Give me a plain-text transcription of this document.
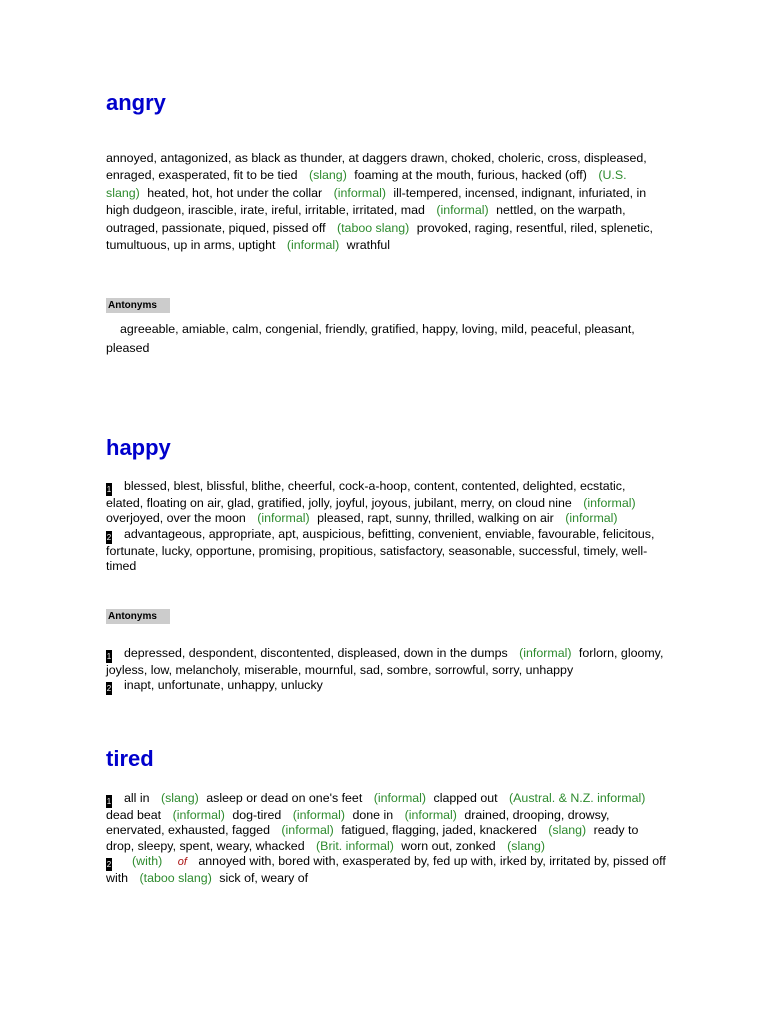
angry

annoyed, antagonized, as black as thunder, at daggers drawn, choked, choleric, cross, displeased, enraged, exasperated, fit to be tied (slang) foaming at the mouth, furious, hacked (off) (U.S. slang) heated, hot, hot under the collar (informal) ill-tempered, incensed, indignant, infuriated, in high dudgeon, irascible, irate, ireful, irritable, irritated, mad (informal) nettled, on the warpath, outraged, passionate, piqued, pissed off (taboo slang) provoked, raging, resentful, riled, splenetic, tumultuous, up in arms, uptight (informal) wrathful

Antonyms

agreeable, amiable, calm, congenial, friendly, gratified, happy, loving, mild, peaceful, pleasant, pleased

happy
1 blessed, blest, blissful, blithe, cheerful, cock-a-hoop, content, contented, delighted, ecstatic, elated, floating on air, glad, gratified, jolly, joyful, joyous, jubilant, merry, on cloud nine (informal) overjoyed, over the moon (informal) pleased, rapt, sunny, thrilled, walking on air (informal)
2 advantageous, appropriate, apt, auspicious, befitting, convenient, enviable, favourable, felicitous, fortunate, lucky, opportune, promising, propitious, satisfactory, seasonable, successful, timely, well-timed
Antonyms
1 depressed, despondent, discontented, displeased, down in the dumps (informal) forlorn, gloomy, joyless, low, melancholy, miserable, mournful, sad, sombre, sorrowful, sorry, unhappy
2 inapt, unfortunate, unhappy, unlucky
tired
1 all in (slang) asleep or dead on one's feet (informal) clapped out (Austral. & N.Z. informal) dead beat (informal) dog-tired (informal) done in (informal) drained, drooping, drowsy, enervated, exhausted, fagged (informal) fatigued, flagging, jaded, knackered (slang) ready to drop, sleepy, spent, weary, whacked (Brit. informal) worn out, zonked (slang)
2 (with) of annoyed with, bored with, exasperated by, fed up with, irked by, irritated by, pissed off with (taboo slang) sick of, weary of
